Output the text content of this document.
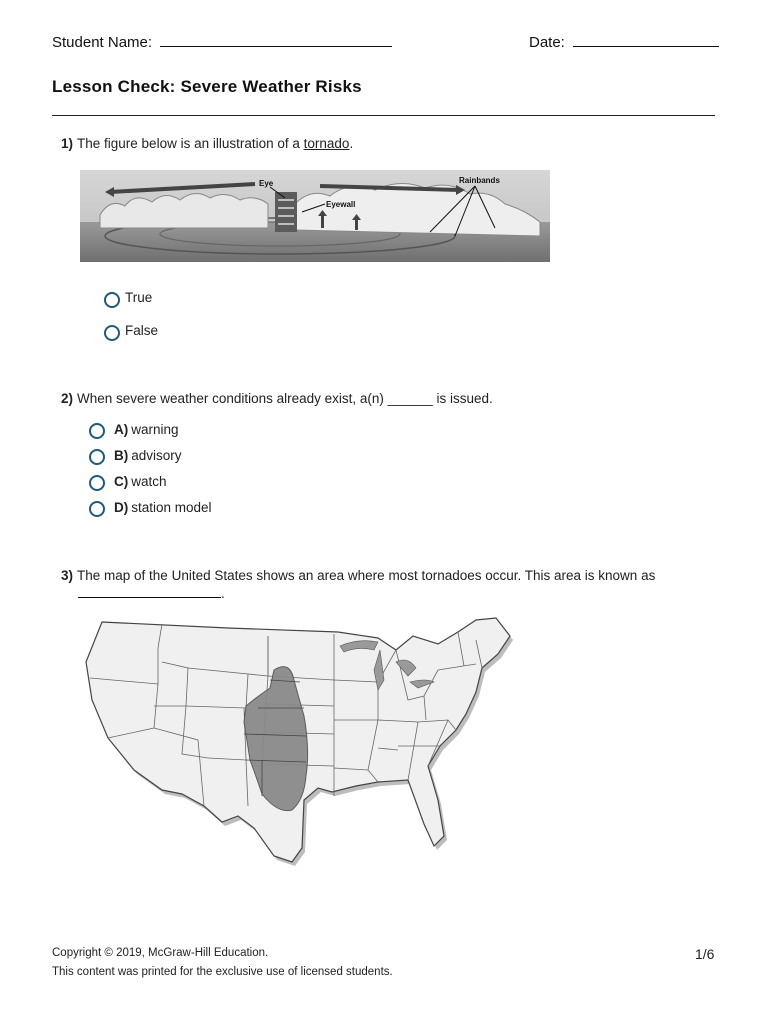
Student Name:	Date:
Lesson Check: Severe Weather Risks
1) The figure below is an illustration of a tornado.
Eye
Eyewall
Rainbands
True
False
2) When severe weather conditions already exist, a(n) ______ is issued.
A) warning
B) advisory
C) watch
D) station model
3) The map of the United States shows an area where most tornadoes occur. This area is known as
.
Copyright © 2019, McGraw-Hill Education.
This content was printed for the exclusive use of licensed students.
1/6
